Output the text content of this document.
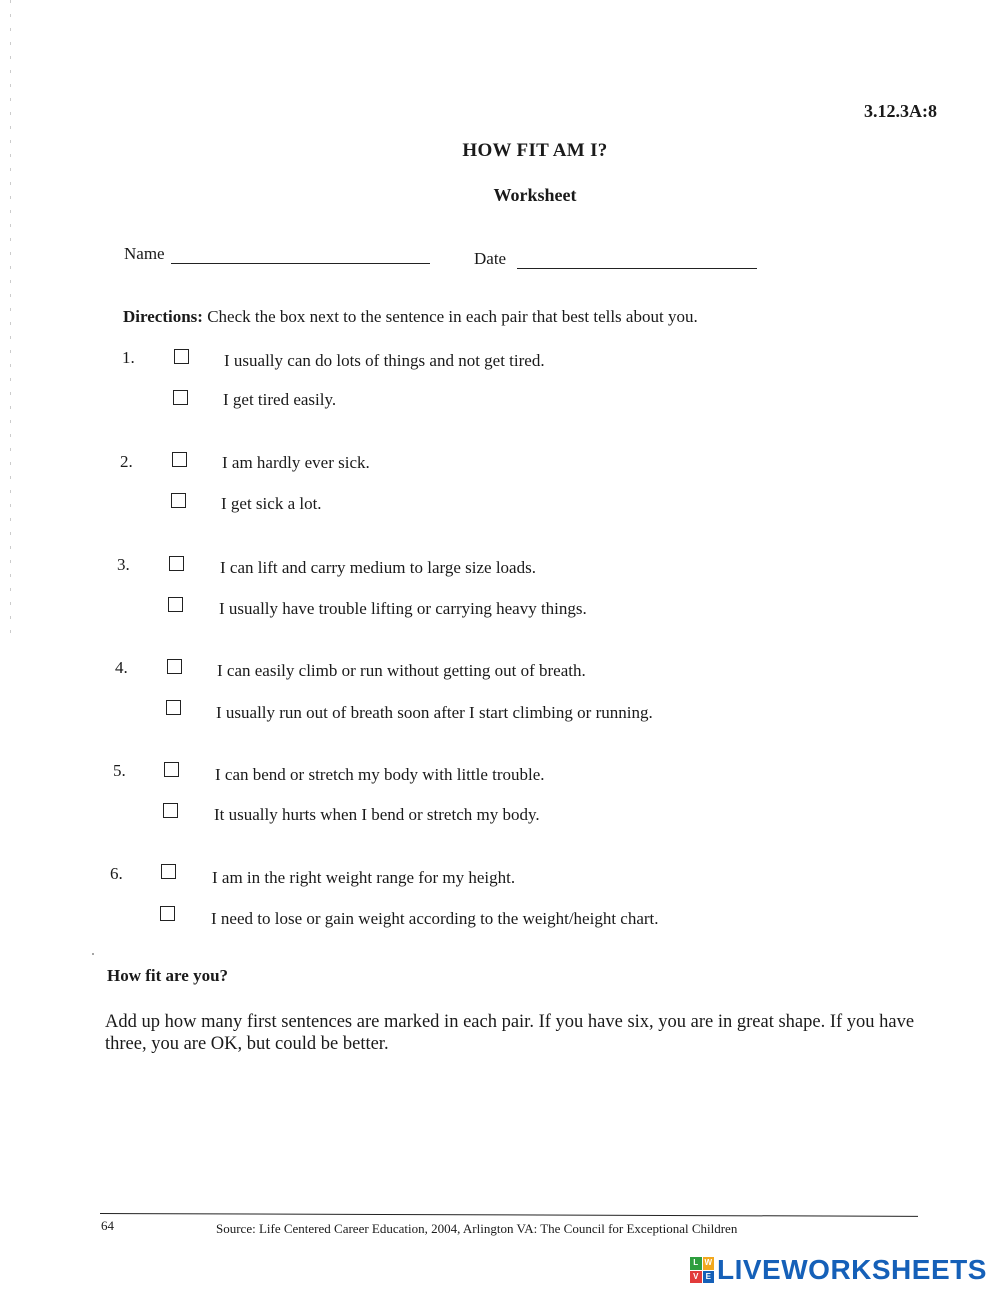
3.12.3A:8
HOW FIT AM I?
Worksheet
Name	Date
Directions: Check the box next to the sentence in each pair that best tells about you.
1.	I usually can do lots of things and not get tired.
I get tired easily.
2.	I am hardly ever sick.
I get sick a lot.
3.	I can lift and carry medium to large size loads.
I usually have trouble lifting or carrying heavy things.
4.	I can easily climb or run without getting out of breath.
I usually run out of breath soon after I start climbing or running.
5.	I can bend or stretch my body with little trouble.
It usually hurts when I bend or stretch my body.
6.	I am in the right weight range for my height.
I need to lose or gain weight according to the weight/height chart.
How fit are you?
Add up how many first sentences are marked in each pair. If you have six, you are in great shape. If you have three, you are OK, but could be better.
64	Source: Life Centered Career Education, 2004, Arlington VA: The Council for Exceptional Children
L W
V E LIVEWORKSHEETS
